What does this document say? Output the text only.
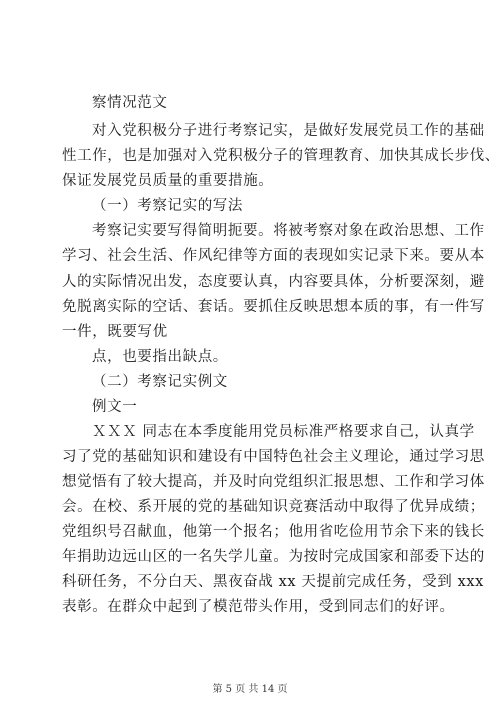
察情况范文
对入党积极分子进行考察记实，是做好发展党员工作的基础
性工作，也是加强对入党积极分子的管理教育、加快其成长步伐、
保证发展党员质量的重要措施。
（一）考察记实的写法
考察记实要写得简明扼要。将被考察对象在政治思想、工作
学习、社会生活、作风纪律等方面的表现如实记录下来。要从本
人的实际情况出发，态度要认真，内容要具体，分析要深刻，避
免脱离实际的空话、套话。要抓住反映思想本质的事，有一件写
一件，既要写优
点，也要指出缺点。
（二）考察记实例文
例文一
ＸＸＸ 同志在本季度能用党员标准严格要求自己，认真学
习了党的基础知识和建设有中国特色社会主义理论，通过学习思
想觉悟有了较大提高，并及时向党组织汇报思想、工作和学习体
会。在校、系开展的党的基础知识竞赛活动中取得了优异成绩；
党组织号召献血，他第一个报名；他用省吃俭用节余下来的钱长
年捐助边远山区的一名失学儿童。为按时完成国家和部委下达的
科研任务，不分白天、黑夜奋战 xx 天提前完成任务，受到 xxx
表彰。在群众中起到了模范带头作用，受到同志们的好评。
第 5 页 共 14 页
